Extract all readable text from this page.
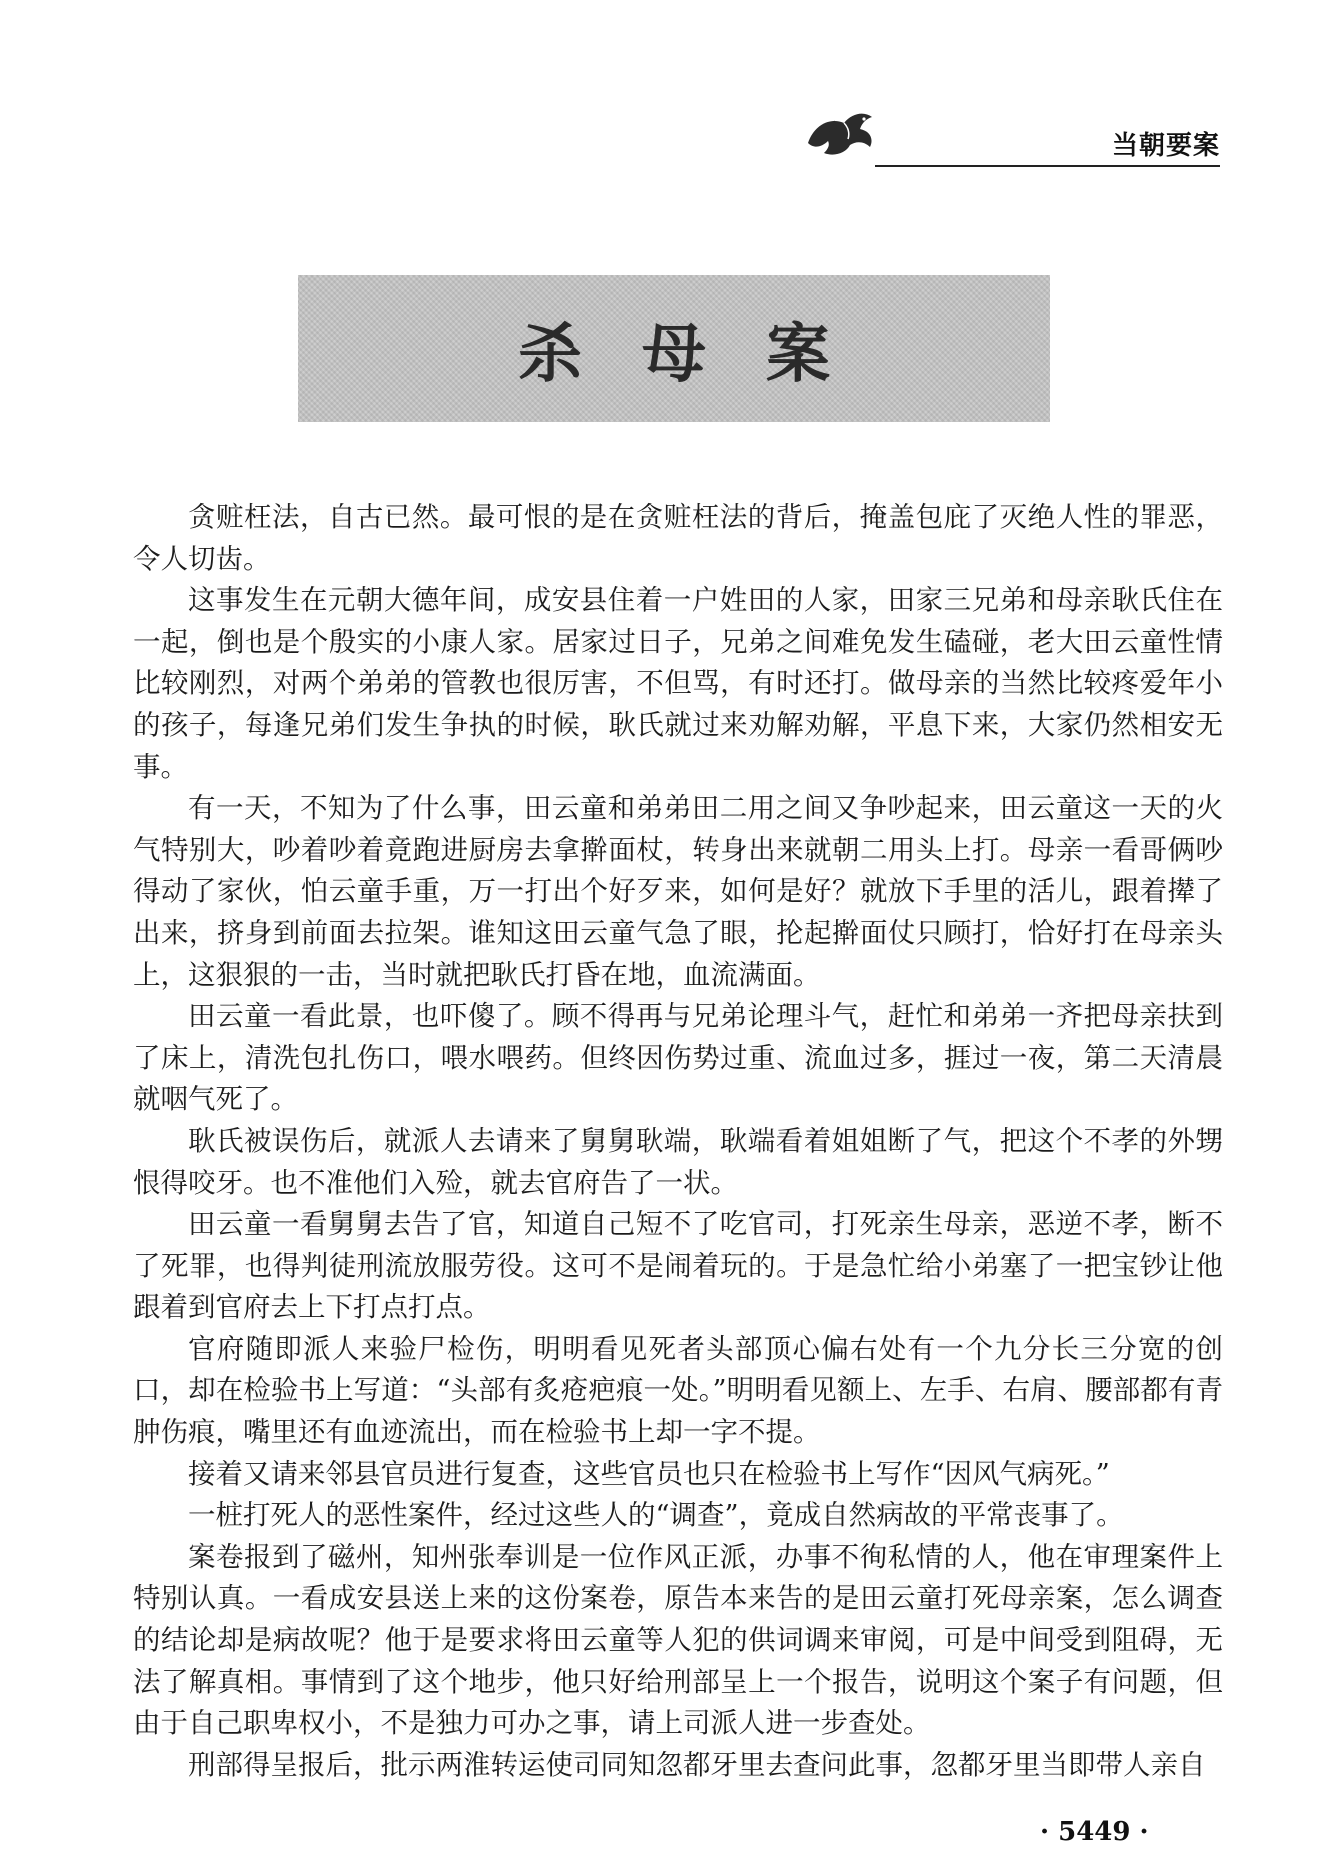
当朝要案
杀母案

贪赃枉法，自古已然。最可恨的是在贪赃枉法的背后，掩盖包庇了灭绝人性的罪恶，令人切齿。

这事发生在元朝大德年间，成安县住着一户姓田的人家，田家三兄弟和母亲耿氏住在一起，倒也是个殷实的小康人家。居家过日子，兄弟之间难免发生磕碰，老大田云童性情比较刚烈，对两个弟弟的管教也很厉害，不但骂，有时还打。做母亲的当然比较疼爱年小的孩子，每逢兄弟们发生争执的时候，耿氏就过来劝解劝解，平息下来，大家仍然相安无事。

有一天，不知为了什么事，田云童和弟弟田二用之间又争吵起来，田云童这一天的火气特别大，吵着吵着竟跑进厨房去拿擀面杖，转身出来就朝二用头上打。母亲一看哥俩吵得动了家伙，怕云童手重，万一打出个好歹来，如何是好？就放下手里的活儿，跟着撵了出来，挤身到前面去拉架。谁知这田云童气急了眼，抡起擀面仗只顾打，恰好打在母亲头上，这狠狠的一击，当时就把耿氏打昏在地，血流满面。

田云童一看此景，也吓傻了。顾不得再与兄弟论理斗气，赶忙和弟弟一齐把母亲扶到了床上，清洗包扎伤口，喂水喂药。但终因伤势过重、流血过多，捱过一夜，第二天清晨就咽气死了。

耿氏被误伤后，就派人去请来了舅舅耿端，耿端看着姐姐断了气，把这个不孝的外甥恨得咬牙。也不准他们入殓，就去官府告了一状。

田云童一看舅舅去告了官，知道自己短不了吃官司，打死亲生母亲，恶逆不孝，断不了死罪，也得判徒刑流放服劳役。这可不是闹着玩的。于是急忙给小弟塞了一把宝钞让他跟着到官府去上下打点打点。

官府随即派人来验尸检伤，明明看见死者头部顶心偏右处有一个九分长三分宽的创口，却在检验书上写道：“头部有炙疮疤痕一处。”明明看见额上、左手、右肩、腰部都有青肿伤痕，嘴里还有血迹流出，而在检验书上却一字不提。

接着又请来邻县官员进行复查，这些官员也只在检验书上写作“因风气病死。”

一桩打死人的恶性案件，经过这些人的“调查”，竟成自然病故的平常丧事了。

案卷报到了磁州，知州张奉训是一位作风正派，办事不徇私情的人，他在审理案件上特别认真。一看成安县送上来的这份案卷，原告本来告的是田云童打死母亲案，怎么调查的结论却是病故呢？他于是要求将田云童等人犯的供词调来审阅，可是中间受到阻碍，无法了解真相。事情到了这个地步，他只好给刑部呈上一个报告，说明这个案子有问题，但由于自己职卑权小，不是独力可办之事，请上司派人进一步查处。

刑部得呈报后，批示两淮转运使司同知忽都牙里去查问此事，忽都牙里当即带人亲自

· 5449 ·
